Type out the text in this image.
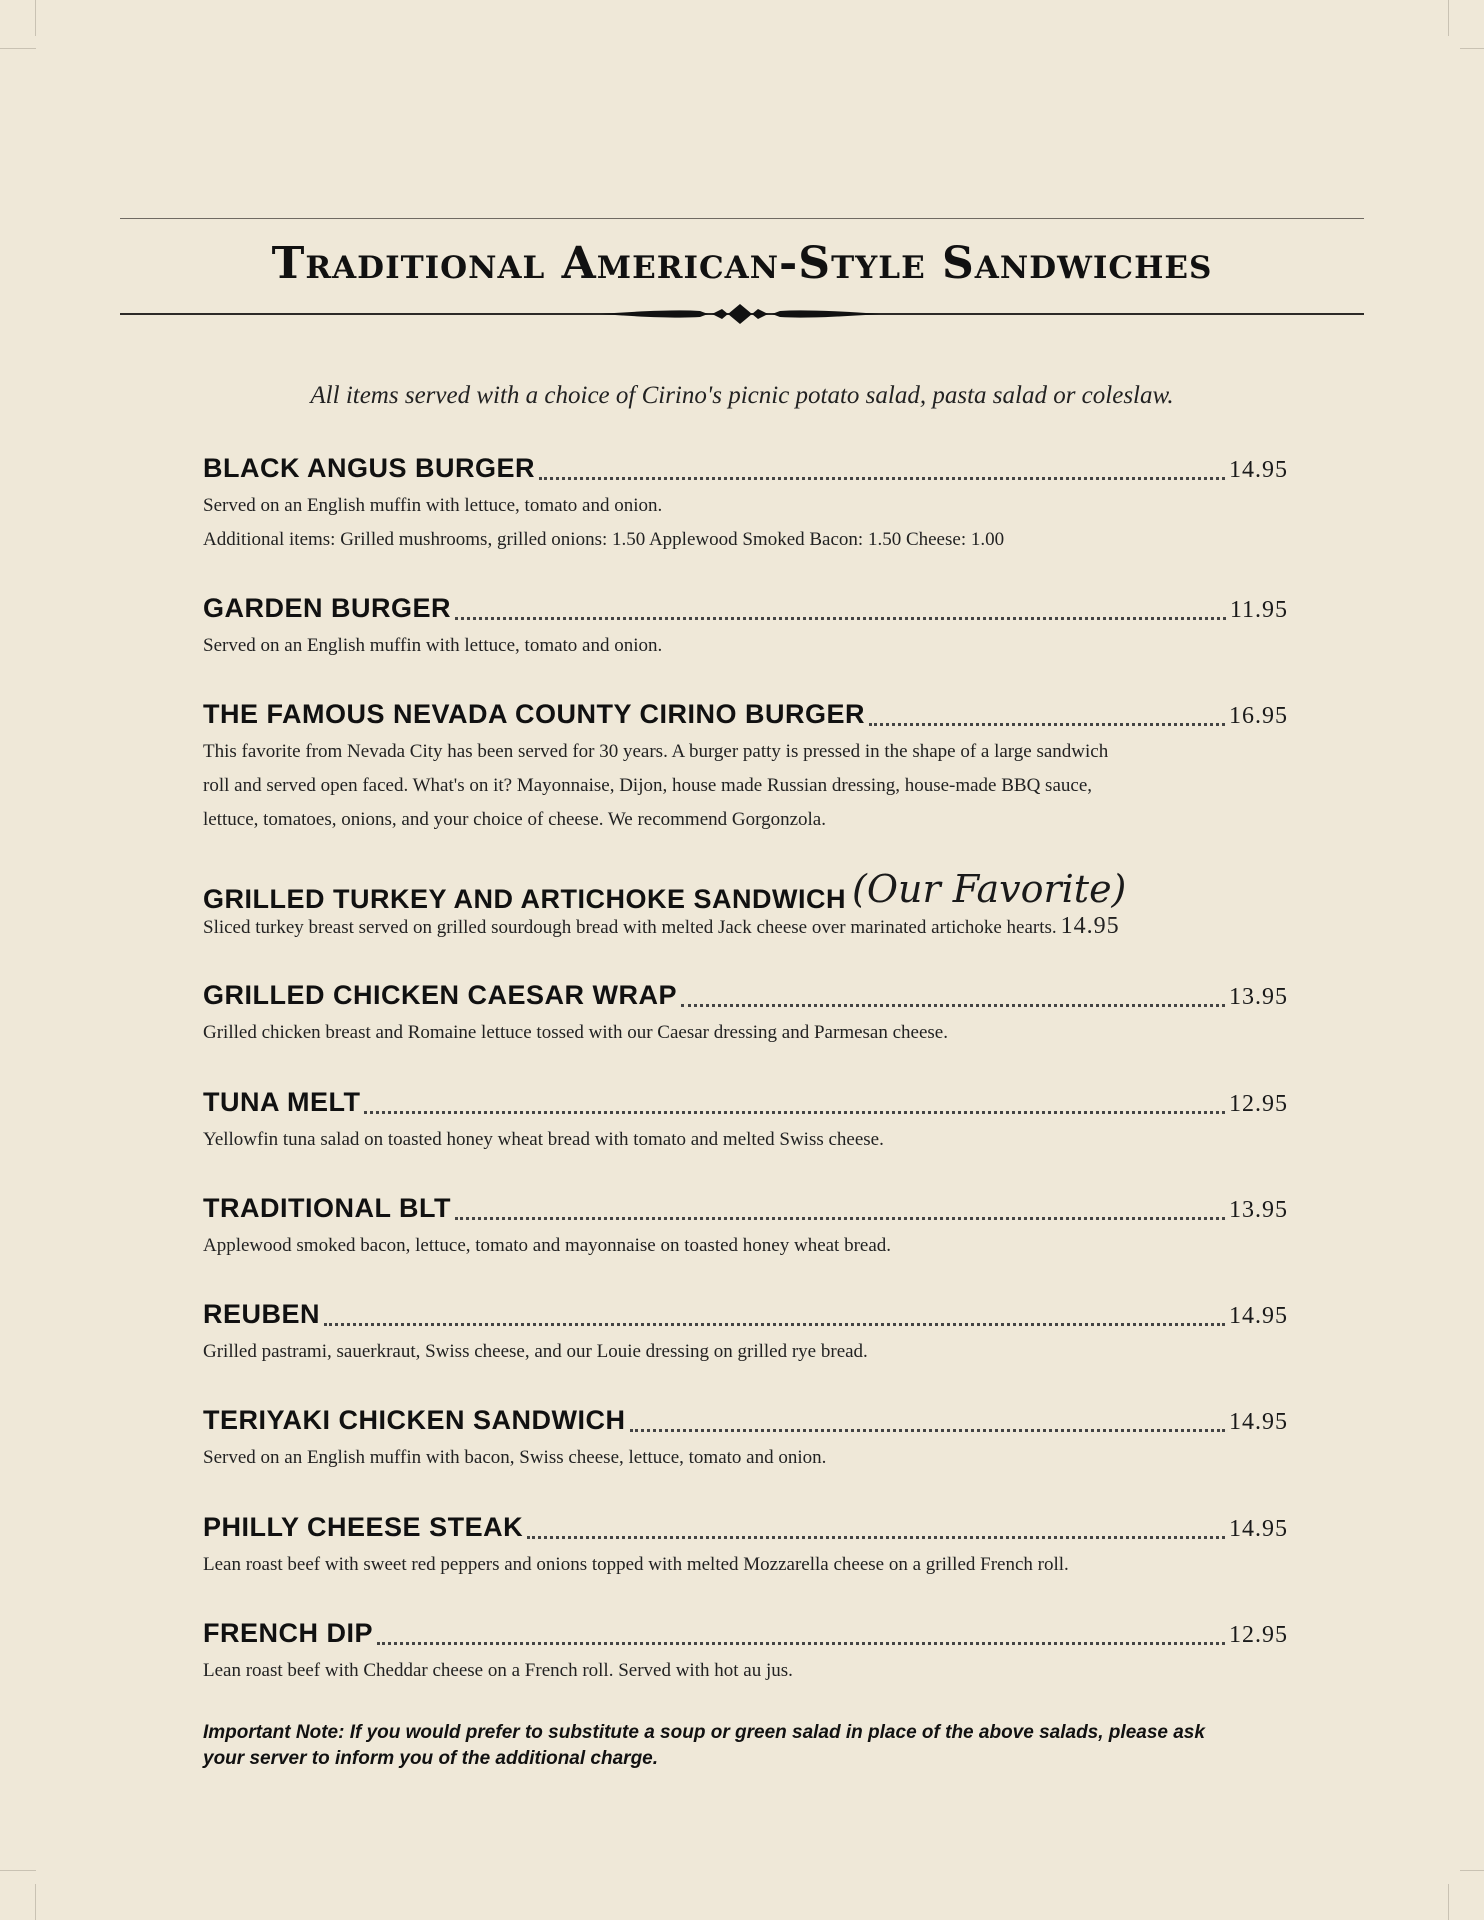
Traditional American-Style Sandwiches
All items served with a choice of Cirino's picnic potato salad, pasta salad or coleslaw.
BLACK ANGUS BURGER	14.95
Served on an English muffin with lettuce, tomato and onion.
Additional items: Grilled mushrooms, grilled onions: 1.50 Applewood Smoked Bacon: 1.50 Cheese: 1.00
GARDEN BURGER	11.95
Served on an English muffin with lettuce, tomato and onion.
THE FAMOUS NEVADA COUNTY CIRINO BURGER	16.95
This favorite from Nevada City has been served for 30 years. A burger patty is pressed in the shape of a large sandwich
roll and served open faced. What's on it? Mayonnaise, Dijon, house made Russian dressing, house-made BBQ sauce,
lettuce, tomatoes, onions, and your choice of cheese. We recommend Gorgonzola.
GRILLED TURKEY AND ARTICHOKE SANDWICH (Our Favorite)
Sliced turkey breast served on grilled sourdough bread with melted Jack cheese over marinated artichoke hearts. 14.95
GRILLED CHICKEN CAESAR WRAP	13.95
Grilled chicken breast and Romaine lettuce tossed with our Caesar dressing and Parmesan cheese.
TUNA MELT	12.95
Yellowfin tuna salad on toasted honey wheat bread with tomato and melted Swiss cheese.
TRADITIONAL BLT	13.95
Applewood smoked bacon, lettuce, tomato and mayonnaise on toasted honey wheat bread.
REUBEN	14.95
Grilled pastrami, sauerkraut, Swiss cheese, and our Louie dressing on grilled rye bread.
TERIYAKI CHICKEN SANDWICH	14.95
Served on an English muffin with bacon, Swiss cheese, lettuce, tomato and onion.
PHILLY CHEESE STEAK	14.95
Lean roast beef with sweet red peppers and onions topped with melted Mozzarella cheese on a grilled French roll.
FRENCH DIP	12.95
Lean roast beef with Cheddar cheese on a French roll. Served with hot au jus.
Important Note: If you would prefer to substitute a soup or green salad in place of the above salads, please ask
your server to inform you of the additional charge.
